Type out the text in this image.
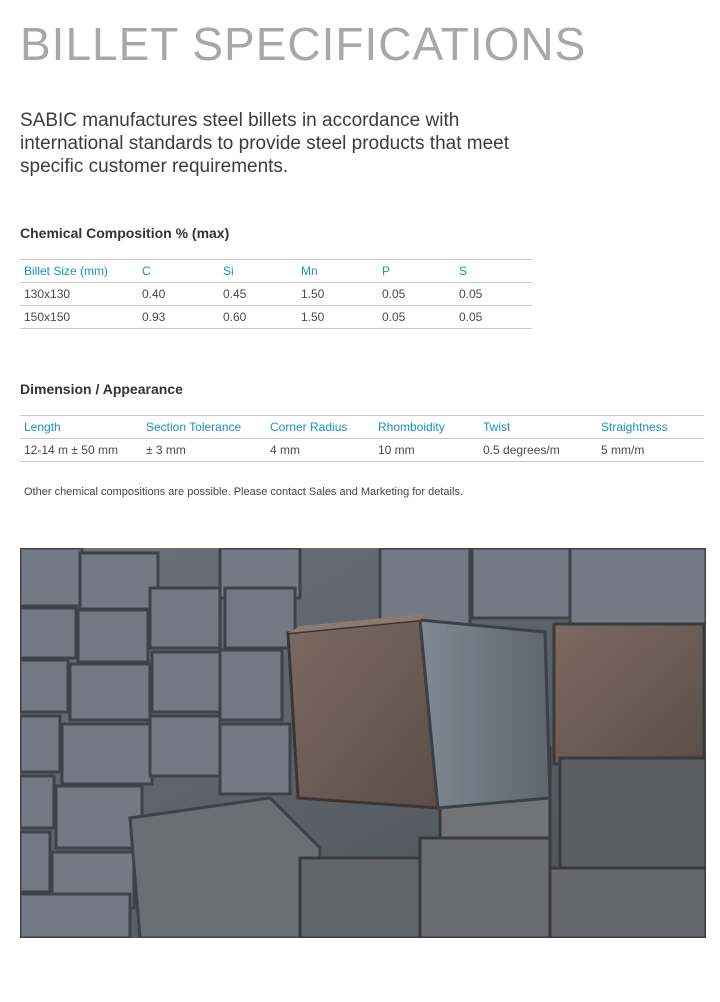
BILLET SPECIFICATIONS

SABIC manufactures steel billets in accordance with international standards to provide steel products that meet specific customer requirements.

Chemical Composition % (max)
Billet Size (mm)	C	Si	Mn	P	S
130x130	0.40	0.45	1.50	0.05	0.05
150x150	0.93	0.60	1.50	0.05	0.05
Dimension / Appearance
Length	Section Tolerance	Corner Radius	Rhomboidity	Twist	Straightness
12-14 m ± 50 mm	± 3 mm	4 mm	10 mm	0.5 degrees/m	5 mm/m

Other chemical compositions are possible. Please contact Sales and Marketing for details.
